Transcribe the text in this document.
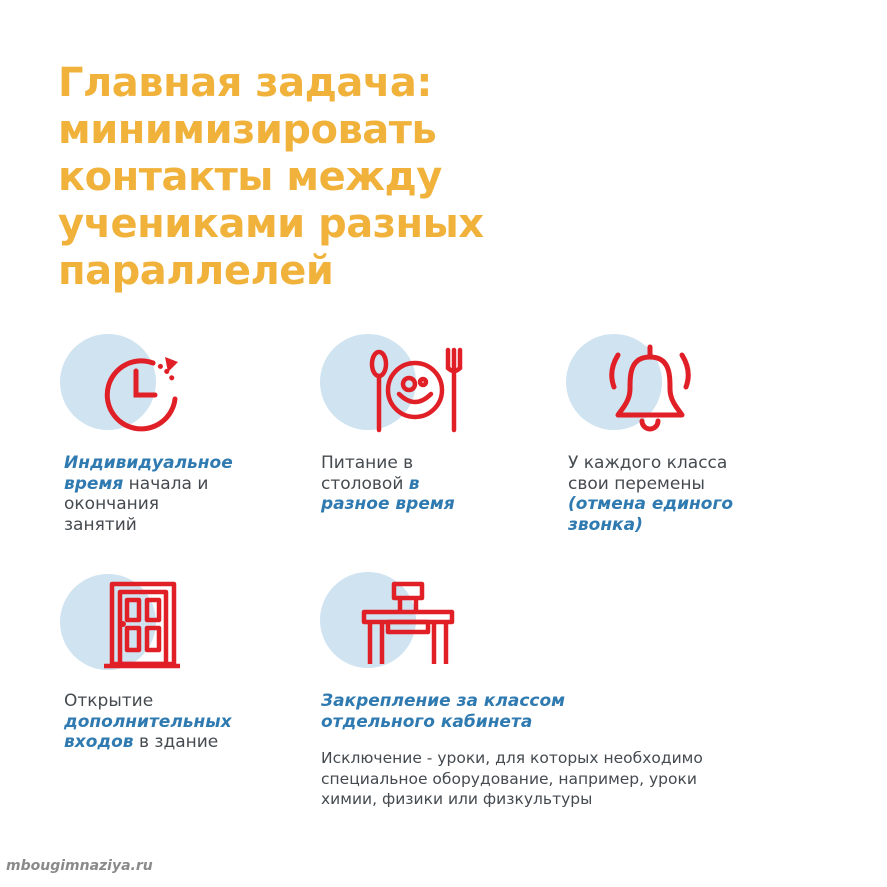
Главная задача:
минимизировать
контакты между
учениками разных
параллелей
Индивидуальное
время начала и
окончания
занятий
Питание в
столовой в
разное время
У каждого класса
свои перемены
(отмена единого
звонка)
Открытие
дополнительных
входов в здание
Закрепление за классом
отдельного кабинета
Исключение - уроки, для которых необходимо
специальное оборудование, например, уроки
химии, физики или физкультуры
mbougimnaziya.ru
